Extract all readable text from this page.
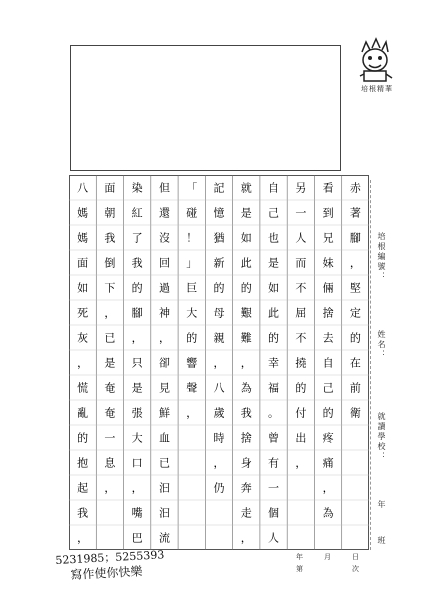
培根精華
赤
著
腳
，
堅
定
的
在
前
衛
看
到
兄
妹
倆
捨
去
自
己
的
疼
痛
，
為
另
一
人
而
不
屈
不
撓
的
付
出
，
自
己
也
是
如
此
的
幸
福
。
曾
有
一
個
人
就
是
如
此
的
艱
難
，
為
我
捨
身
奔
走
，
記
憶
猶
新
的
母
親
，
八
歲
時
，
仍
「
碰
！
」
巨
大
的
響
聲
，
但
還
沒
回
過
神
，
卻
見
鮮
血
已
汩
汩
流
染
紅
了
我
的
腳
，
只
是
張
大
口
，
嘴
巴
面
朝
我
倒
下
，
已
是
奄
奄
一
息
，
八
媽
媽
面
如
死
灰
，
慌
亂
的
抱
起
我
，
培根編號：
姓名：
就讀學校：
年
班
年	月	日
第	次
5231985；5255393
寫作使你快樂
